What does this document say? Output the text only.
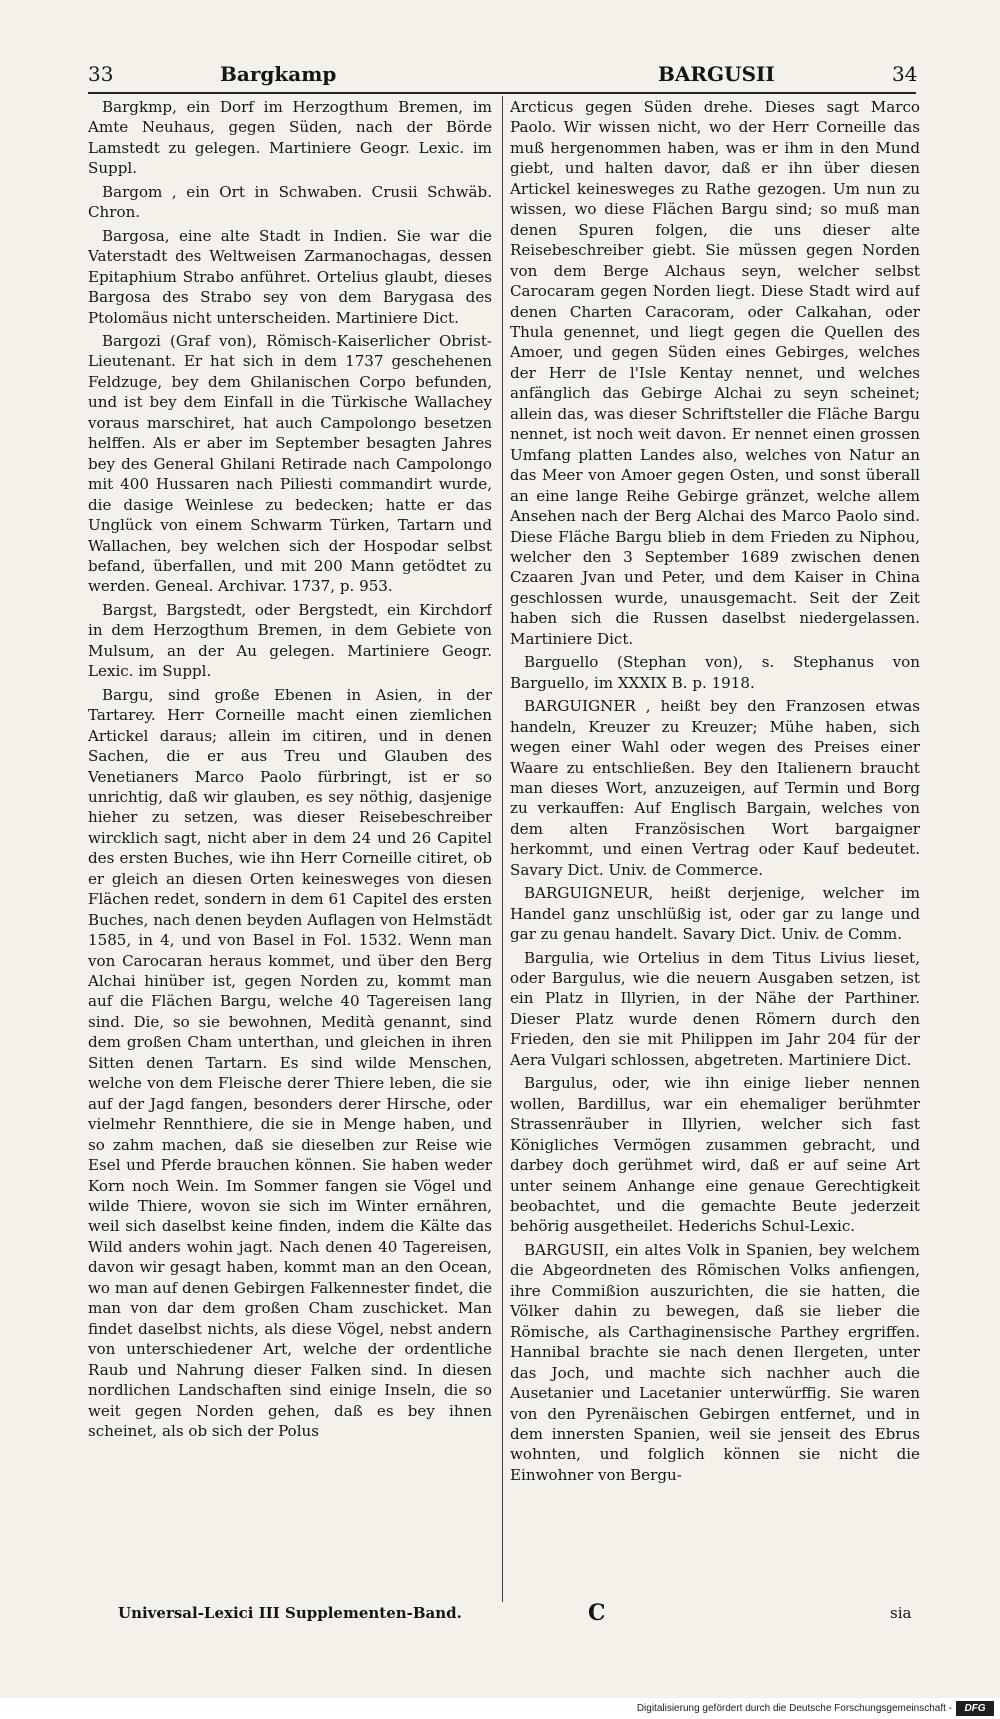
33	Bargkamp	BARGUSII	34

Bargkmp, ein Dorf im Herzogthum Bremen, im Amte Neuhaus, gegen Süden, nach der Börde Lamstedt zu gelegen. Martiniere Geogr. Lexic. im Suppl.

Bargom , ein Ort in Schwaben. Crusii Schwäb. Chron.

Bargosa, eine alte Stadt in Indien. Sie war die Vaterstadt des Weltweisen Zarmanochagas, dessen Epitaphium Strabo anführet. Ortelius glaubt, dieses Bargosa des Strabo sey von dem Barygasa des Ptolomäus nicht unterscheiden. Martiniere Dict.

Bargozi (Graf von), Römisch-Kaiserlicher Obrist-Lieutenant. Er hat sich in dem 1737 geschehenen Feldzuge, bey dem Ghilanischen Corpo befunden, und ist bey dem Einfall in die Türkische Wallachey voraus marschiret, hat auch Campolongo besetzen helffen. Als er aber im September besagten Jahres bey des General Ghilani Retirade nach Campolongo mit 400 Hussaren nach Piliesti commandirt wurde, die dasige Weinlese zu bedecken; hatte er das Unglück von einem Schwarm Türken, Tartarn und Wallachen, bey welchen sich der Hospodar selbst befand, überfallen, und mit 200 Mann getödtet zu werden. Geneal. Archivar. 1737, p. 953.

Bargst, Bargstedt, oder Bergstedt, ein Kirchdorf in dem Herzogthum Bremen, in dem Gebiete von Mulsum, an der Au gelegen. Martiniere Geogr. Lexic. im Suppl.

Bargu, sind große Ebenen in Asien, in der Tartarey. Herr Corneille macht einen ziemlichen Artickel daraus; allein im citiren, und in denen Sachen, die er aus Treu und Glauben des Venetianers Marco Paolo fürbringt, ist er so unrichtig, daß wir glauben, es sey nöthig, dasjenige hieher zu setzen, was dieser Reisebeschreiber wircklich sagt, nicht aber in dem 24 und 26 Capitel des ersten Buches, wie ihn Herr Corneille citiret, ob er gleich an diesen Orten keinesweges von diesen Flächen redet, sondern in dem 61 Capitel des ersten Buches, nach denen beyden Auflagen von Helmstädt 1585, in 4, und von Basel in Fol. 1532. Wenn man von Carocaran heraus kommet, und über den Berg Alchai hinüber ist, gegen Norden zu, kommt man auf die Flächen Bargu, welche 40 Tagereisen lang sind. Die, so sie bewohnen, Medità genannt, sind dem großen Cham unterthan, und gleichen in ihren Sitten denen Tartarn. Es sind wilde Menschen, welche von dem Fleische derer Thiere leben, die sie auf der Jagd fangen, besonders derer Hirsche, oder vielmehr Rennthiere, die sie in Menge haben, und so zahm machen, daß sie dieselben zur Reise wie Esel und Pferde brauchen können. Sie haben weder Korn noch Wein. Im Sommer fangen sie Vögel und wilde Thiere, wovon sie sich im Winter ernähren, weil sich daselbst keine finden, indem die Kälte das Wild anders wohin jagt. Nach denen 40 Tagereisen, davon wir gesagt haben, kommt man an den Ocean, wo man auf denen Gebirgen Falkennester findet, die man von dar dem großen Cham zuschicket. Man findet daselbst nichts, als diese Vögel, nebst andern von unterschiedener Art, welche der ordentliche Raub und Nahrung dieser Falken sind. In diesen nordlichen Landschaften sind einige Inseln, die so weit gegen Norden gehen, daß es bey ihnen scheinet, als ob sich der Polus

Arcticus gegen Süden drehe. Dieses sagt Marco Paolo. Wir wissen nicht, wo der Herr Corneille das muß hergenommen haben, was er ihm in den Mund giebt, und halten davor, daß er ihn über diesen Artickel keinesweges zu Rathe gezogen. Um nun zu wissen, wo diese Flächen Bargu sind; so muß man denen Spuren folgen, die uns dieser alte Reisebeschreiber giebt. Sie müssen gegen Norden von dem Berge Alchaus seyn, welcher selbst Carocaram gegen Norden liegt. Diese Stadt wird auf denen Charten Caracoram, oder Calkahan, oder Thula genennet, und liegt gegen die Quellen des Amoer, und gegen Süden eines Gebirges, welches der Herr de l'Isle Kentay nennet, und welches anfänglich das Gebirge Alchai zu seyn scheinet; allein das, was dieser Schriftsteller die Fläche Bargu nennet, ist noch weit davon. Er nennet einen grossen Umfang platten Landes also, welches von Natur an das Meer von Amoer gegen Osten, und sonst überall an eine lange Reihe Gebirge gränzet, welche allem Ansehen nach der Berg Alchai des Marco Paolo sind. Diese Fläche Bargu blieb in dem Frieden zu Niphou, welcher den 3 September 1689 zwischen denen Czaaren Jvan und Peter, und dem Kaiser in China geschlossen wurde, unausgemacht. Seit der Zeit haben sich die Russen daselbst niedergelassen. Martiniere Dict.

Barguello (Stephan von), s. Stephanus von Barguello, im XXXIX B. p. 1918.

BARGUIGNER , heißt bey den Franzosen etwas handeln, Kreuzer zu Kreuzer; Mühe haben, sich wegen einer Wahl oder wegen des Preises einer Waare zu entschließen. Bey den Italienern braucht man dieses Wort, anzuzeigen, auf Termin und Borg zu verkauffen: Auf Englisch Bargain, welches von dem alten Französischen Wort bargaigner herkommt, und einen Vertrag oder Kauf bedeutet. Savary Dict. Univ. de Commerce.

BARGUIGNEUR, heißt derjenige, welcher im Handel ganz unschlüßig ist, oder gar zu lange und gar zu genau handelt. Savary Dict. Univ. de Comm.

Bargulia, wie Ortelius in dem Titus Livius lieset, oder Bargulus, wie die neuern Ausgaben setzen, ist ein Platz in Illyrien, in der Nähe der Parthiner. Dieser Platz wurde denen Römern durch den Frieden, den sie mit Philippen im Jahr 204 für der Aera Vulgari schlossen, abgetreten. Martiniere Dict.

Bargulus, oder, wie ihn einige lieber nennen wollen, Bardillus, war ein ehemaliger berühmter Strassenräuber in Illyrien, welcher sich fast Königliches Vermögen zusammen gebracht, und darbey doch gerühmet wird, daß er auf seine Art unter seinem Anhange eine genaue Gerechtigkeit beobachtet, und die gemachte Beute jederzeit behörig ausgetheilet. Hederichs Schul-Lexic.

BARGUSII, ein altes Volk in Spanien, bey welchem die Abgeordneten des Römischen Volks anfiengen, ihre Commißion auszurichten, die sie hatten, die Völker dahin zu bewegen, daß sie lieber die Römische, als Carthaginensische Parthey ergriffen. Hannibal brachte sie nach denen Ilergeten, unter das Joch, und machte sich nachher auch die Ausetanier und Lacetanier unterwürffig. Sie waren von den Pyrenäischen Gebirgen entfernet, und in dem innersten Spanien, weil sie jenseit des Ebrus wohnten, und folglich können sie nicht die Einwohner von Bergu-

Universal-Lexici III Supplementen-Band.	C	sia
Digitalisierung gefördert durch die Deutsche Forschungsgemeinschaft -	DFG
